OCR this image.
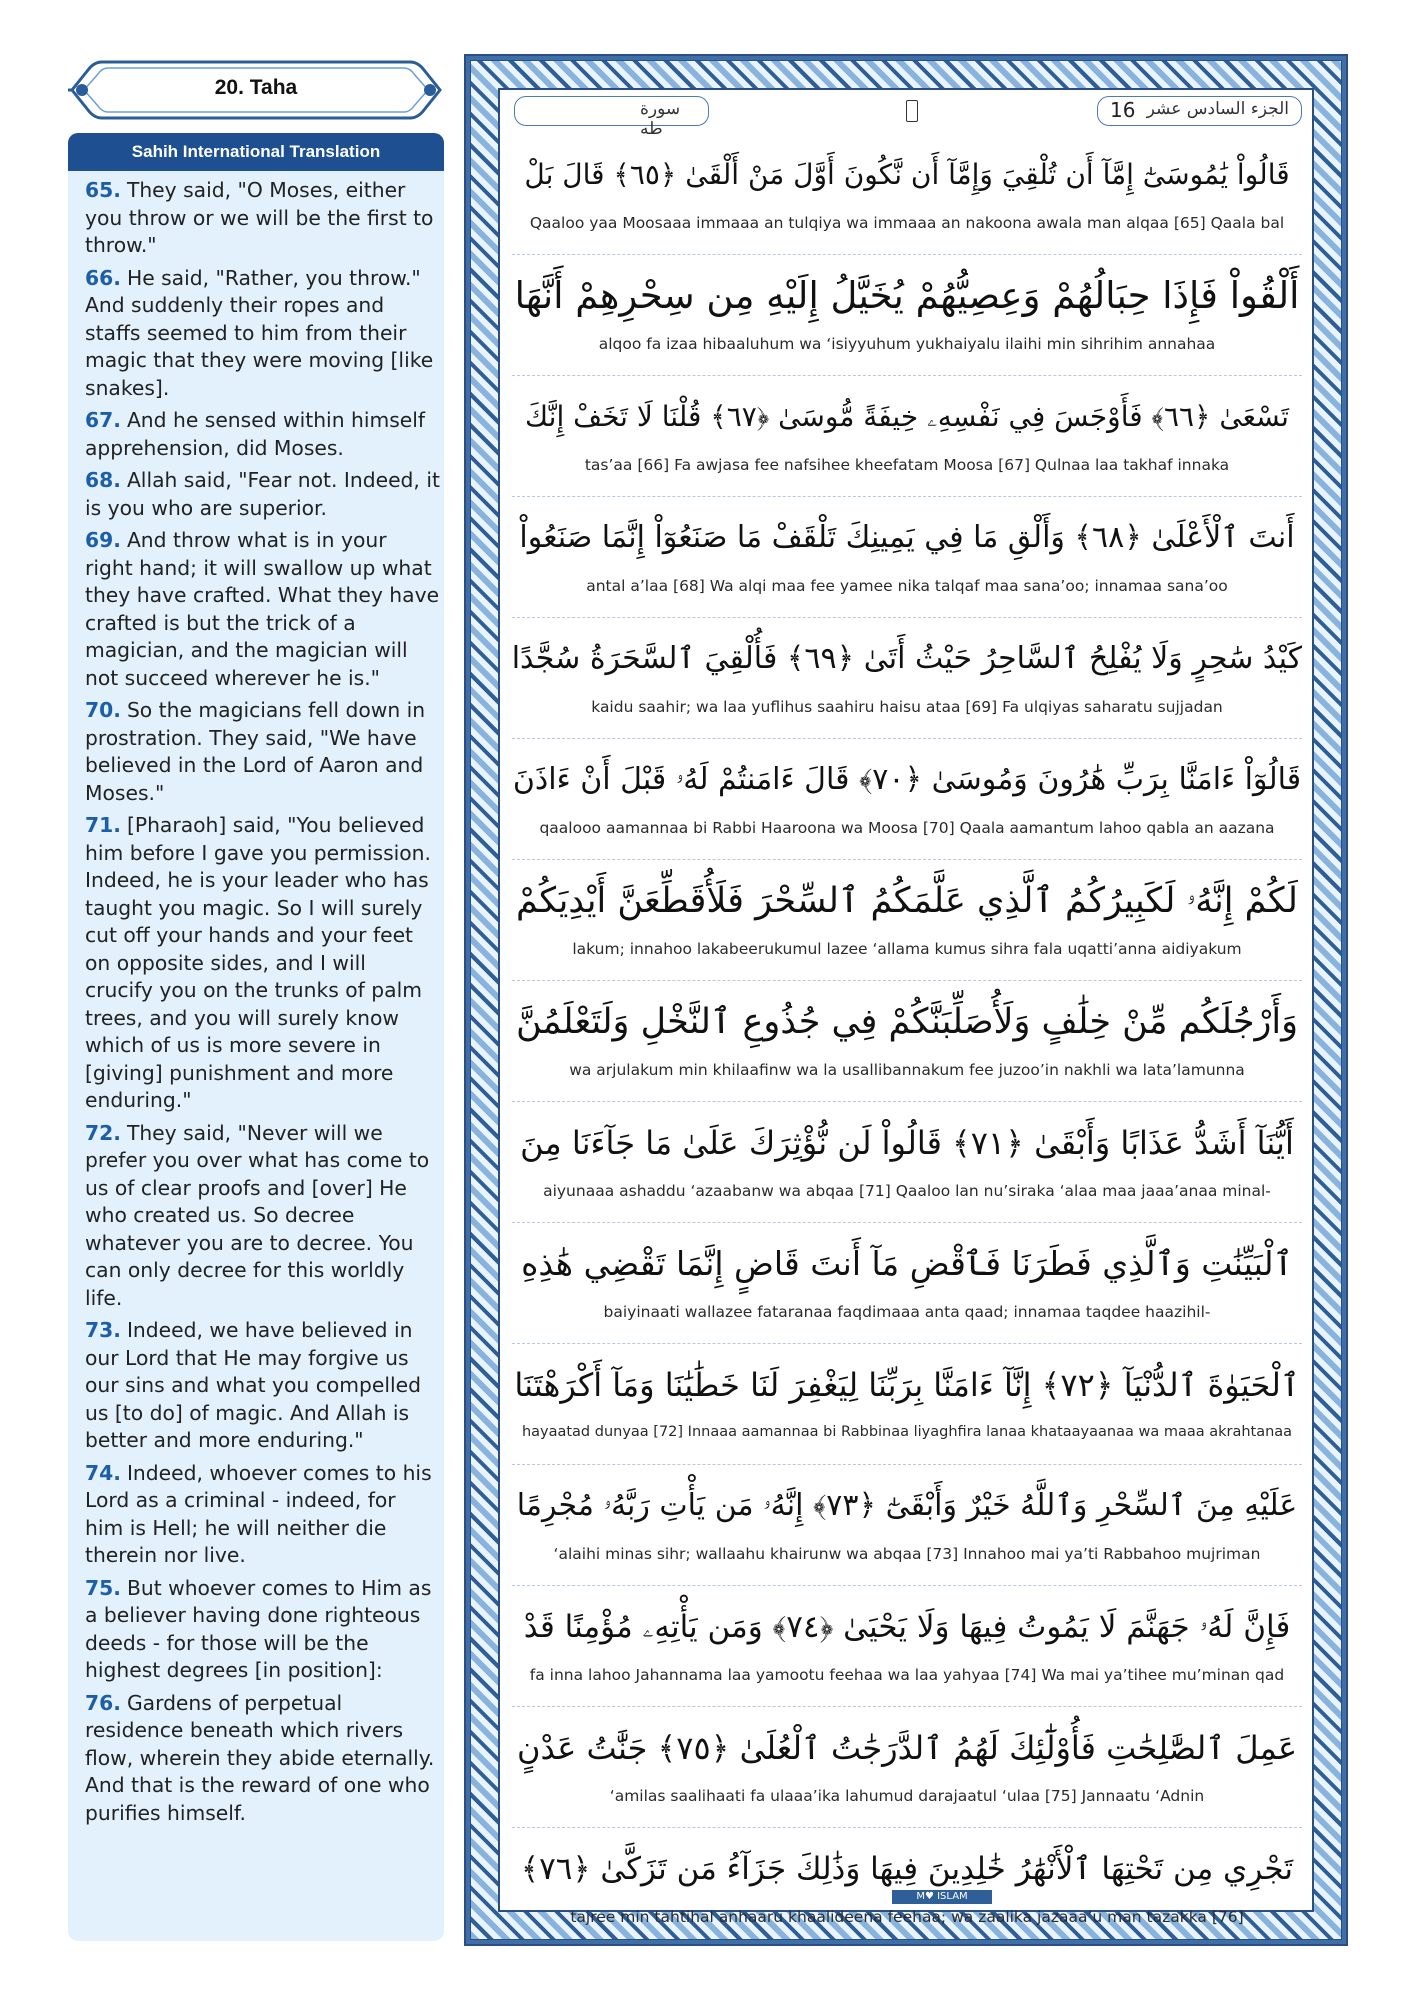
20. Taha
Sahih International Translation
65. They said, "O Moses, either you throw or we will be the first to throw."
66. He said, "Rather, you throw." And suddenly their ropes and staffs seemed to him from their magic that they were moving [like snakes].
67. And he sensed within himself apprehension, did Moses.
68. Allah said, "Fear not. Indeed, it is you who are superior.
69. And throw what is in your right hand; it will swallow up what they have crafted. What they have crafted is but the trick of a magician, and the magician will not succeed wherever he is."
70. So the magicians fell down in prostration. They said, "We have believed in the Lord of Aaron and Moses."
71. [Pharaoh] said, "You believed him before I gave you permission. Indeed, he is your leader who has taught you magic. So I will surely cut off your hands and your feet on opposite sides, and I will crucify you on the trunks of palm trees, and you will surely know which of us is more severe in [giving] punishment and more enduring."
72. They said, "Never will we prefer you over what has come to us of clear proofs and [over] He who created us. So decree whatever you are to decree. You can only decree for this worldly life.
73. Indeed, we have believed in our Lord that He may forgive us our sins and what you compelled us [to do] of magic. And Allah is better and more enduring."
74. Indeed, whoever comes to his Lord as a criminal - indeed, for him is Hell; he will neither die therein nor live.
75. But whoever comes to Him as a believer having done righteous deeds - for those will be the highest degrees [in position]:
76. Gardens of perpetual residence beneath which rivers flow, wherein they abide eternally. And that is the reward of one who purifies himself.
سورة طه
16 الجزء السادس عشر
قَالُواْ يَٰمُوسَىٰٓ إِمَّآ أَن تُلْقِيَ وَإِمَّآ أَن نَّكُونَ أَوَّلَ مَنْ أَلْقَىٰ ﴿٦٥﴾ قَالَ بَلْ
Qaaloo yaa Moosaaa immaaa an tulqiya wa immaaa an nakoona awala man alqaa [65] Qaala bal
أَلْقُواْ فَإِذَا حِبَالُهُمْ وَعِصِيُّهُمْ يُخَيَّلُ إِلَيْهِ مِن سِحْرِهِمْ أَنَّهَا
alqoo fa izaa hibaaluhum wa ‘isiyyuhum yukhaiyalu ilaihi min sihrihim annahaa
تَسْعَىٰ ﴿٦٦﴾ فَأَوْجَسَ فِي نَفْسِهِۦ خِيفَةً مُّوسَىٰ ﴿٦٧﴾ قُلْنَا لَا تَخَفْ إِنَّكَ
tas’aa [66] Fa awjasa fee nafsihee kheefatam Moosa [67] Qulnaa laa takhaf innaka
أَنتَ ٱلْأَعْلَىٰ ﴿٦٨﴾ وَأَلْقِ مَا فِي يَمِينِكَ تَلْقَفْ مَا صَنَعُوٓاْ إِنَّمَا صَنَعُواْ
antal a’laa [68] Wa alqi maa fee yamee nika talqaf maa sana’oo; innamaa sana’oo
كَيْدُ سَٰحِرٍ وَلَا يُفْلِحُ ٱلسَّاحِرُ حَيْثُ أَتَىٰ ﴿٦٩﴾ فَأُلْقِيَ ٱلسَّحَرَةُ سُجَّدًا
kaidu saahir; wa laa yuflihus saahiru haisu ataa [69] Fa ulqiyas saharatu sujjadan
قَالُوٓاْ ءَامَنَّا بِرَبِّ هَٰرُونَ وَمُوسَىٰ ﴿٧٠﴾ قَالَ ءَامَنتُمْ لَهُۥ قَبْلَ أَنْ ءَاذَنَ
qaalooo aamannaa bi Rabbi Haaroona wa Moosa [70] Qaala aamantum lahoo qabla an aazana
لَكُمْ إِنَّهُۥ لَكَبِيرُكُمُ ٱلَّذِي عَلَّمَكُمُ ٱلسِّحْرَ فَلَأُقَطِّعَنَّ أَيْدِيَكُمْ
lakum; innahoo lakabeerukumul lazee ‘allama kumus sihra fala uqatti’anna aidiyakum
وَأَرْجُلَكُم مِّنْ خِلَٰفٍ وَلَأُصَلِّبَنَّكُمْ فِي جُذُوعِ ٱلنَّخْلِ وَلَتَعْلَمُنَّ
wa arjulakum min khilaafinw wa la usallibannakum fee juzoo’in nakhli wa lata’lamunna
أَيُّنَآ أَشَدُّ عَذَابًا وَأَبْقَىٰ ﴿٧١﴾ قَالُواْ لَن نُّؤْثِرَكَ عَلَىٰ مَا جَآءَنَا مِنَ
aiyunaaa ashaddu ‘azaabanw wa abqaa [71] Qaaloo lan nu’siraka ‘alaa maa jaaa’anaa minal-
ٱلْبَيِّنَٰتِ وَٱلَّذِي فَطَرَنَا فَٱقْضِ مَآ أَنتَ قَاضٍ إِنَّمَا تَقْضِي هَٰذِهِ
baiyinaati wallazee fataranaa faqdimaaa anta qaad; innamaa taqdee haazihil-
ٱلْحَيَوٰةَ ٱلدُّنْيَآ ﴿٧٢﴾ إِنَّآ ءَامَنَّا بِرَبِّنَا لِيَغْفِرَ لَنَا خَطَٰيَٰنَا وَمَآ أَكْرَهْتَنَا
hayaatad dunyaa [72] Innaaa aamannaa bi Rabbinaa liyaghfira lanaa khataayaanaa wa maaa akrahtanaa
عَلَيْهِ مِنَ ٱلسِّحْرِ وَٱللَّهُ خَيْرٌ وَأَبْقَىٰٓ ﴿٧٣﴾ إِنَّهُۥ مَن يَأْتِ رَبَّهُۥ مُجْرِمًا
‘alaihi minas sihr; wallaahu khairunw wa abqaa [73] Innahoo mai ya’ti Rabbahoo mujriman
فَإِنَّ لَهُۥ جَهَنَّمَ لَا يَمُوتُ فِيهَا وَلَا يَحْيَىٰ ﴿٧٤﴾ وَمَن يَأْتِهِۦ مُؤْمِنًا قَدْ
fa inna lahoo Jahannama laa yamootu feehaa wa laa yahyaa [74] Wa mai ya’tihee mu’minan qad
عَمِلَ ٱلصَّٰلِحَٰتِ فَأُوْلَٰٓئِكَ لَهُمُ ٱلدَّرَجَٰتُ ٱلْعُلَىٰ ﴿٧٥﴾ جَنَّٰتُ عَدْنٍ
‘amilas saalihaati fa ulaaa’ika lahumud darajaatul ‘ulaa [75] Jannaatu ‘Adnin
تَجْرِي مِن تَحْتِهَا ٱلْأَنْهَٰرُ خَٰلِدِينَ فِيهَا وَذَٰلِكَ جَزَآءُ مَن تَزَكَّىٰ ﴿٧٦﴾
tajree min tahtihal anhaaru khaalideena feehaa; wa zaalika jazaaa’u man tazakka [76]
M♥ ISLAM
